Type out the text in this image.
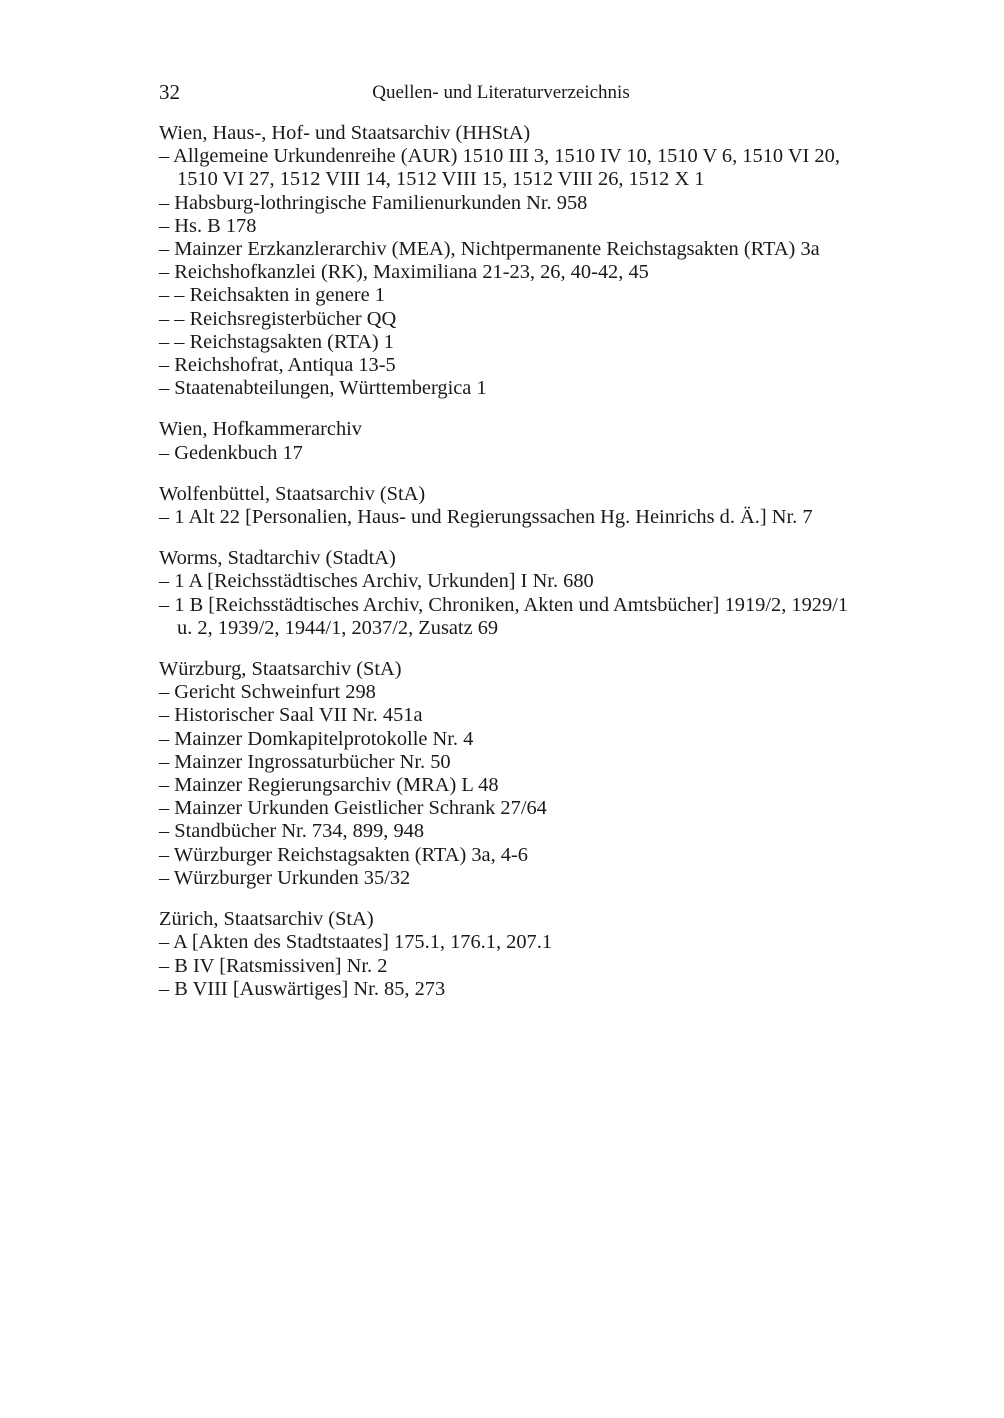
32	Quellen- und Literaturverzeichnis
Wien, Haus-, Hof- und Staatsarchiv (HHStA)
– Allgemeine Urkundenreihe (AUR) 1510 III 3, 1510 IV 10, 1510 V 6, 1510 VI 20,
1510 VI 27, 1512 VIII 14, 1512 VIII 15, 1512 VIII 26, 1512 X 1
– Habsburg-lothringische Familienurkunden Nr. 958
– Hs. B 178
– Mainzer Erzkanzlerarchiv (MEA), Nichtpermanente Reichstagsakten (RTA) 3a
– Reichshofkanzlei (RK), Maximiliana 21-23, 26, 40-42, 45
– – Reichsakten in genere 1
– – Reichsregisterbücher QQ
– – Reichstagsakten (RTA) 1
– Reichshofrat, Antiqua 13-5
– Staatenabteilungen, Württembergica 1
Wien, Hofkammerarchiv
– Gedenkbuch 17
Wolfenbüttel, Staatsarchiv (StA)
– 1 Alt 22 [Personalien, Haus- und Regierungssachen Hg. Heinrichs d. Ä.] Nr. 7
Worms, Stadtarchiv (StadtA)
– 1 A [Reichsstädtisches Archiv, Urkunden] I Nr. 680
– 1 B [Reichsstädtisches Archiv, Chroniken, Akten und Amtsbücher] 1919/2, 1929/1
u. 2, 1939/2, 1944/1, 2037/2, Zusatz 69
Würzburg, Staatsarchiv (StA)
– Gericht Schweinfurt 298
– Historischer Saal VII Nr. 451a
– Mainzer Domkapitelprotokolle Nr. 4
– Mainzer Ingrossaturbücher Nr. 50
– Mainzer Regierungsarchiv (MRA) L 48
– Mainzer Urkunden Geistlicher Schrank 27/64
– Standbücher Nr. 734, 899, 948
– Würzburger Reichstagsakten (RTA) 3a, 4-6
– Würzburger Urkunden 35/32
Zürich, Staatsarchiv (StA)
– A [Akten des Stadtstaates] 175.1, 176.1, 207.1
– B IV [Ratsmissiven] Nr. 2
– B VIII [Auswärtiges] Nr. 85, 273
